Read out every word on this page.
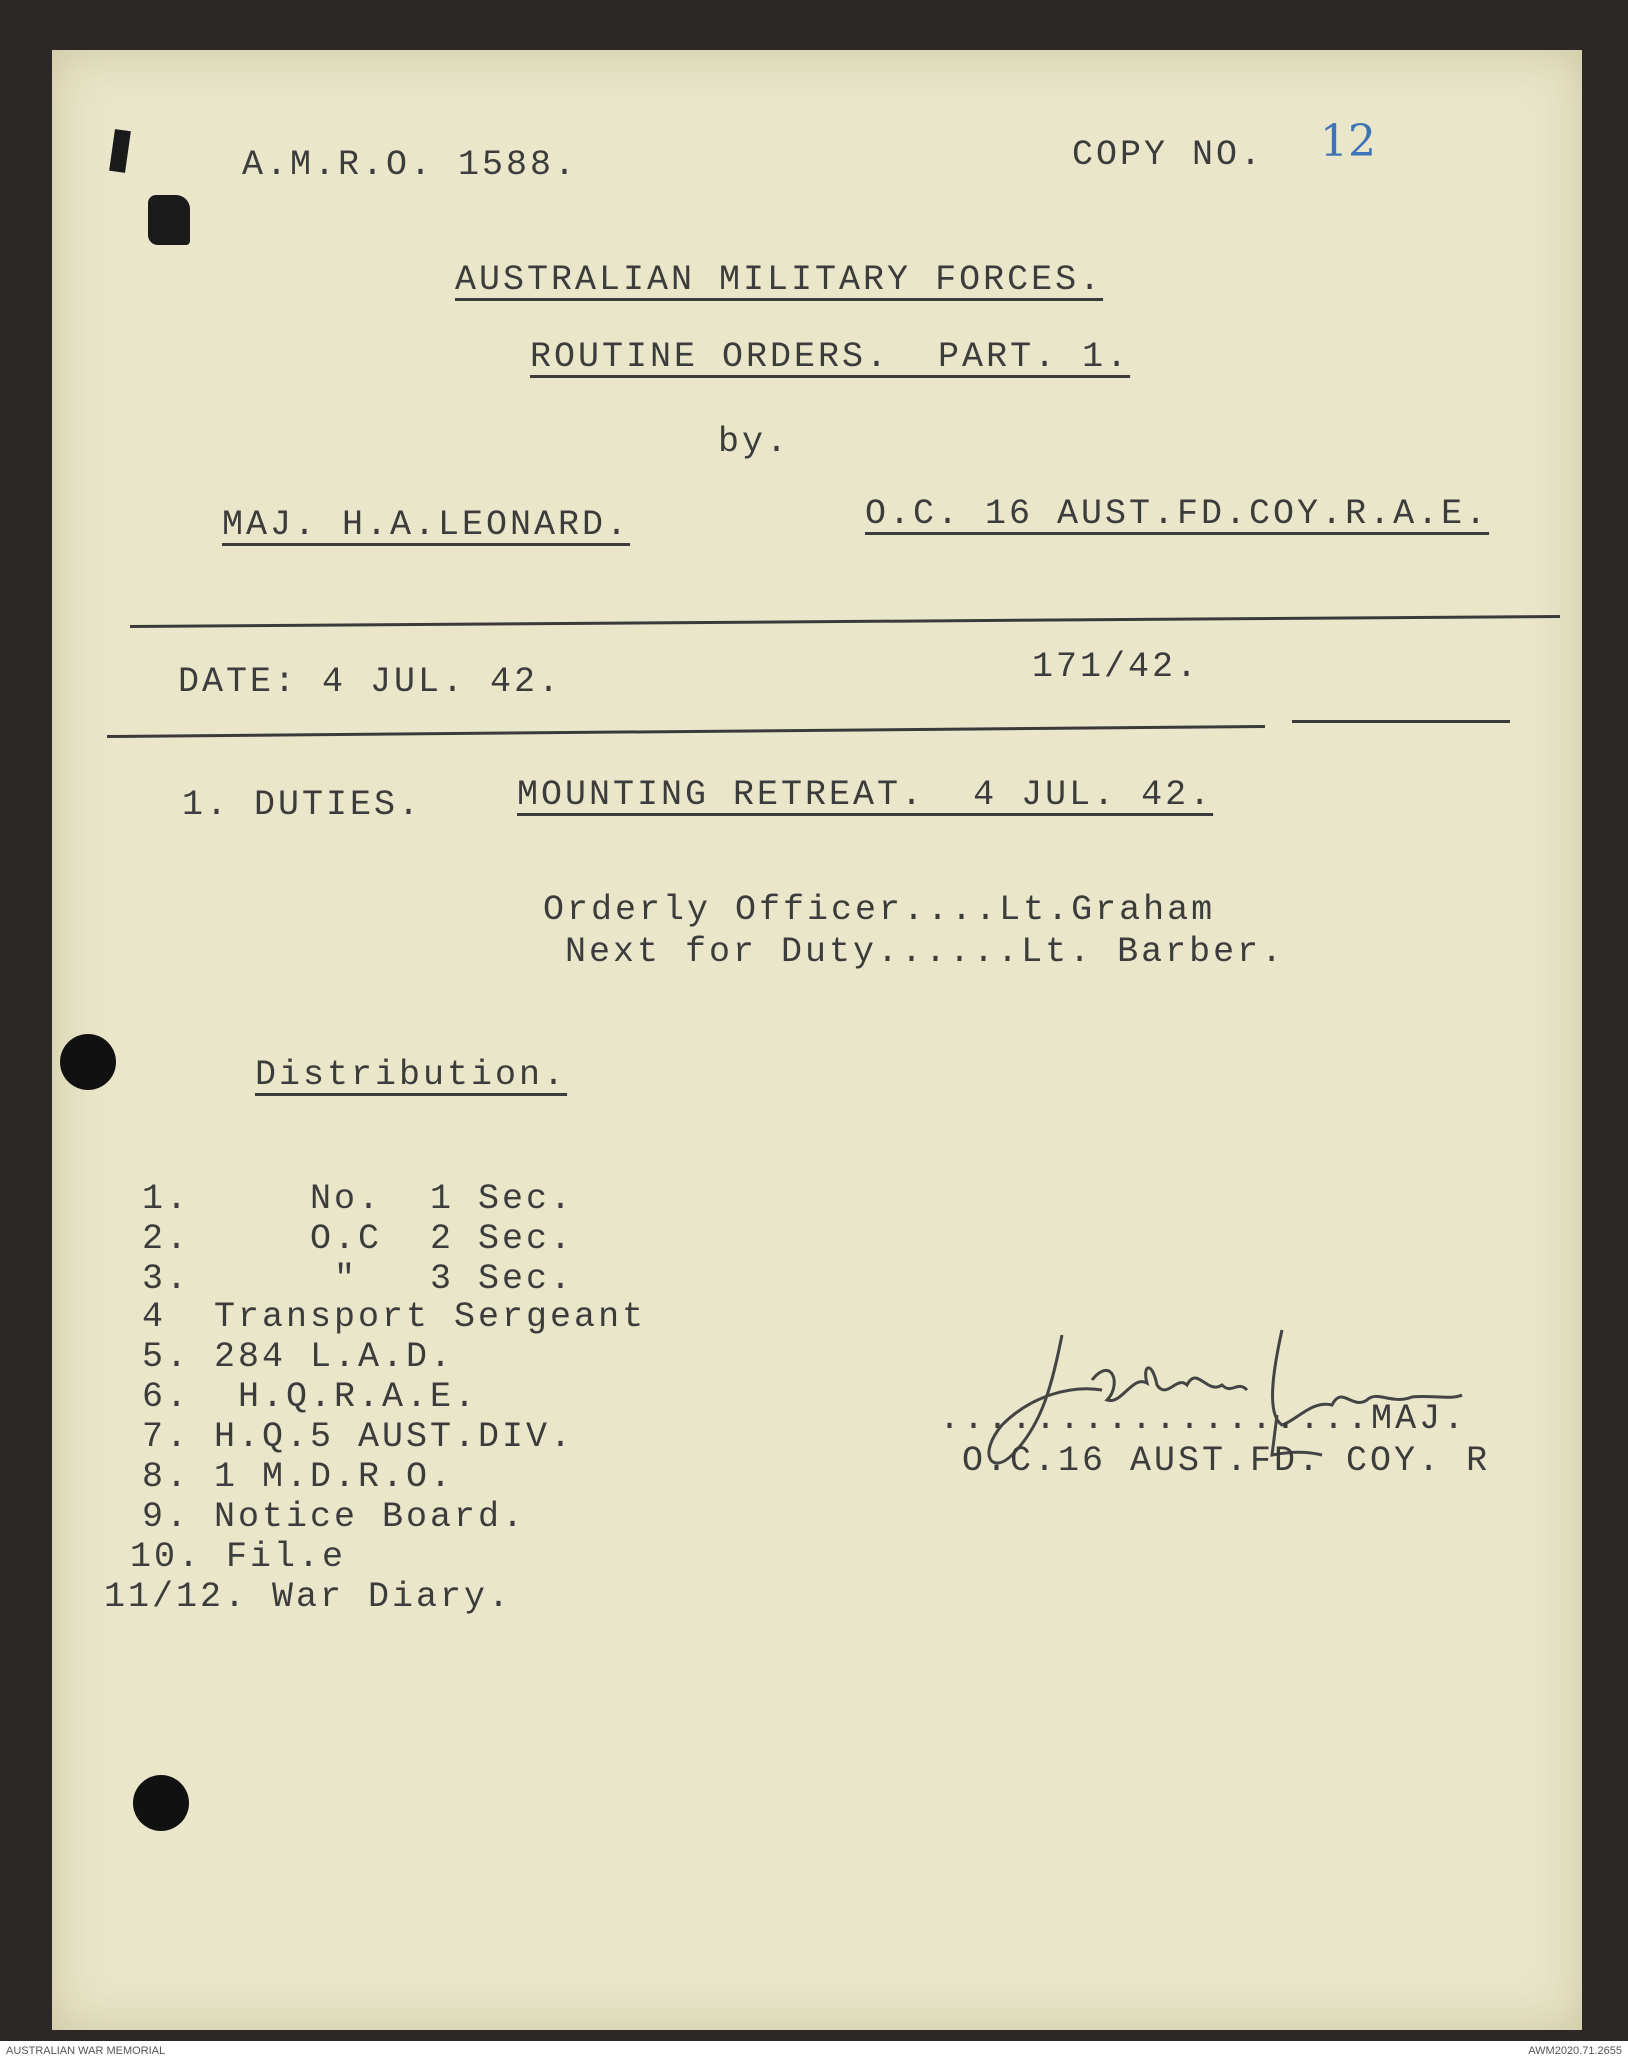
A.M.R.O. 1588.	COPY NO. 12
AUSTRALIAN MILITARY FORCES.
ROUTINE ORDERS.  PART. 1.
by.
MAJ. H.A.LEONARD.	O.C. 16 AUST.FD.COY.R.A.E.
DATE: 4 JUL. 42.	171/42.
1. DUTIES.	MOUNTING RETREAT.  4 JUL. 42.
Orderly Officer....Lt.Graham
Next for Duty......Lt. Barber.
Distribution.
1.     No.  1 Sec.
2.     O.C  2 Sec.
3.      "   3 Sec.
4  Transport Sergeant
5. 284 L.A.D.
6.  H.Q.R.A.E.
7. H.Q.5 AUST.DIV.
8. 1 M.D.R.O.
9. Notice Board.
10. Fil.e
11/12. War Diary.
..................MAJ.
O.C.16 AUST.FD. COY. R
AUSTRALIAN WAR MEMORIAL	AWM2020.71.2655
